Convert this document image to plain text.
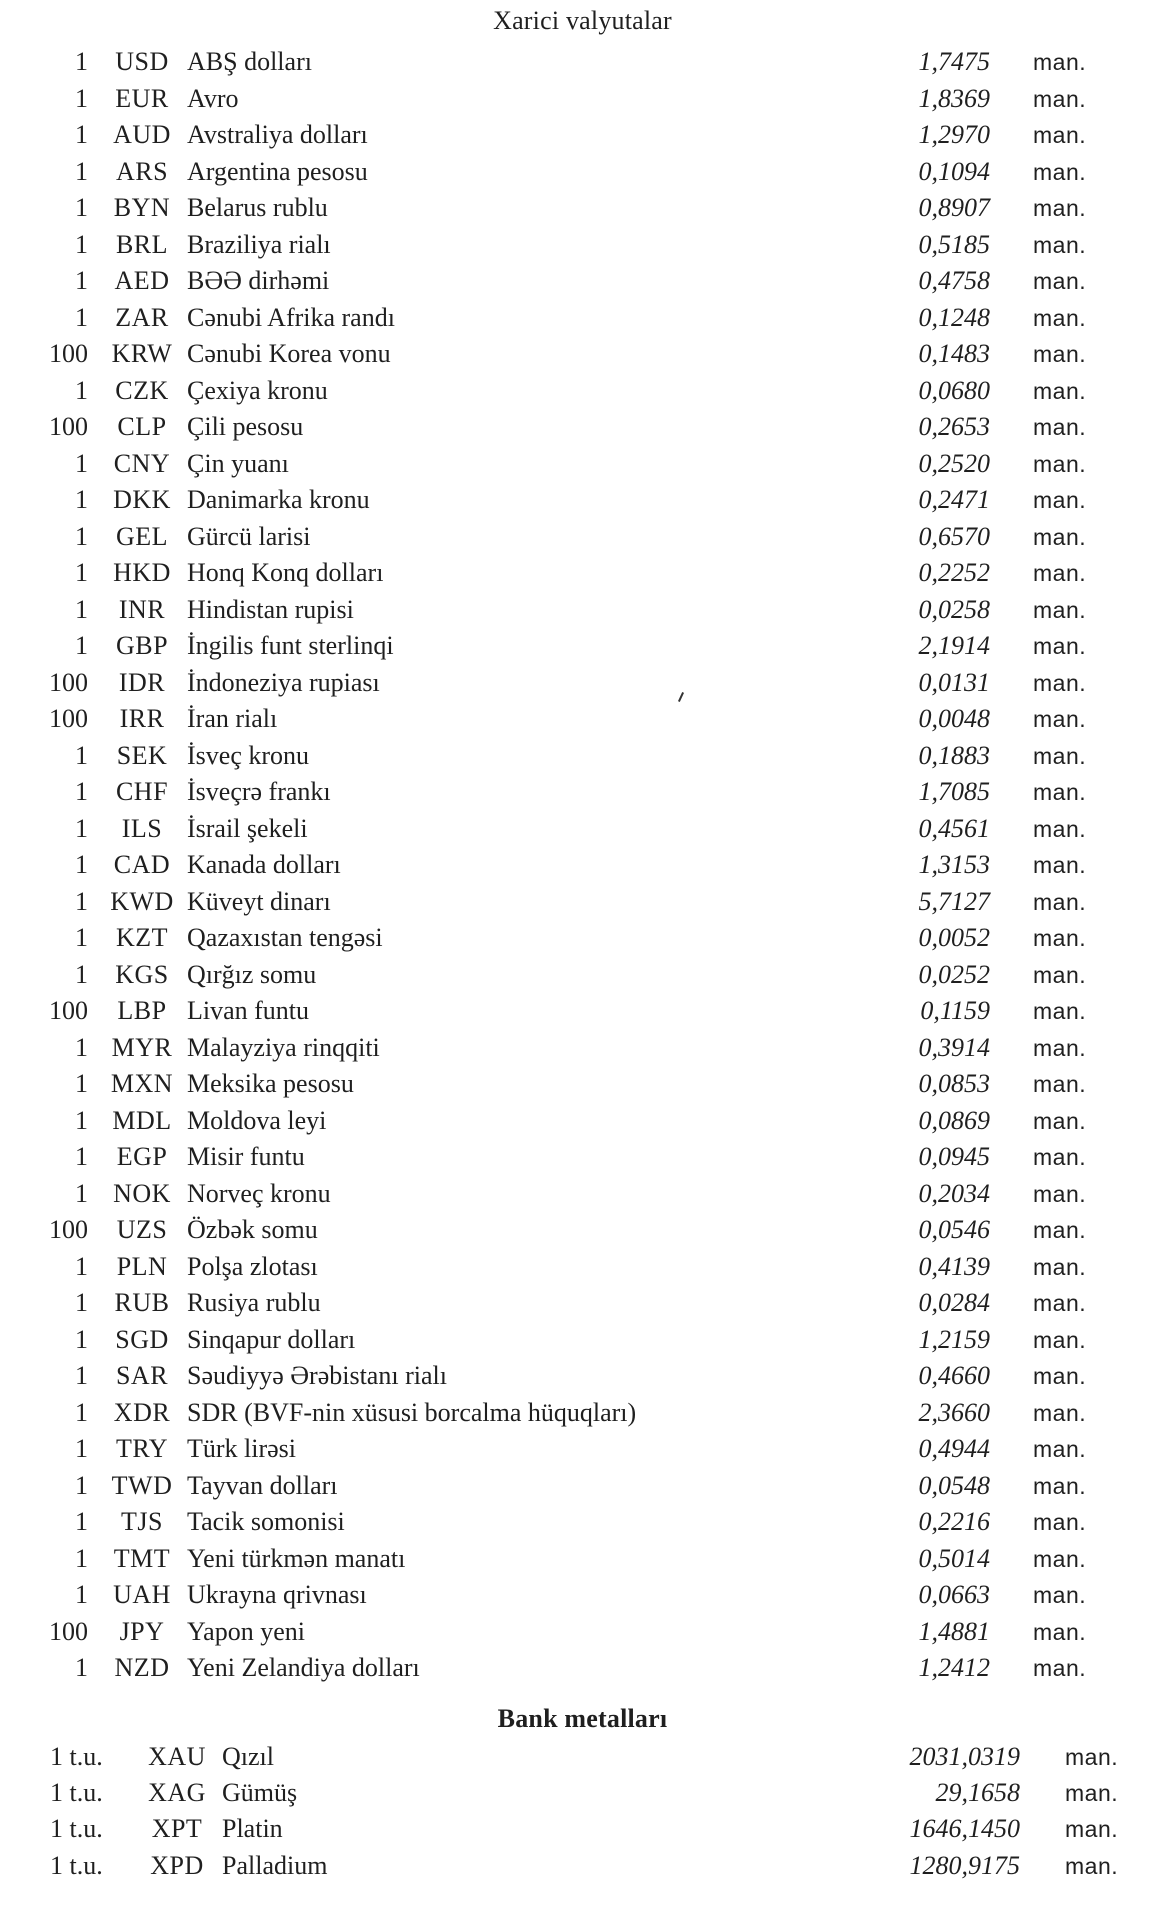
Xarici valyutalar
1	USD ABŞ dolları	1,7475 man.
1	EUR Avro	1,8369 man.
1 AUD Avstraliya dolları	1,2970 man.
1	ARS Argentina pesosu	0,1094 man.
1 BYN Belarus rublu	0,8907 man.
1	BRL Braziliya rialı	0,5185 man.
1	AED BƏƏ dirhəmi	0,4758 man.
1	ZAR Cənubi Afrika randı	0,1248 man.
100 KRW Cənubi Korea vonu	0,1483 man.
1	CZK Çexiya kronu	0,0680 man.
100	CLP Çili pesosu	0,2653 man.
1 CNY Çin yuanı	0,2520 man.
1 DKK Danimarka kronu	0,2471 man.
1	GEL Gürcü larisi	0,6570 man.
1 HKD Honq Konq dolları	0,2252 man.
1	INR Hindistan rupisi	0,0258 man.
1	GBP İngilis funt sterlinqi	2,1914 man.
100	IDR İndoneziya rupiası	0,0131 man.
100	IRR İran rialı	0,0048 man.
1	SEK İsveç kronu	0,1883 man.
1	CHF İsveçrə frankı	1,7085 man.
1	ILS İsrail şekeli	0,4561 man.
1 CAD Kanada dolları	1,3153 man.
1 KWD Küveyt dinarı	5,7127 man.
1	KZT Qazaxıstan tengəsi	0,0052 man.
1	KGS Qırğız somu	0,0252 man.
100	LBP Livan funtu	0,1159 man.
1 MYR Malayziya rinqqiti	0,3914 man.
1 MXN Meksika pesosu	0,0853 man.
1 MDL Moldova leyi	0,0869 man.
1	EGP Misir funtu	0,0945 man.
1 NOK Norveç kronu	0,2034 man.
100	UZS Özbək somu	0,0546 man.
1	PLN Polşa zlotası	0,4139 man.
1	RUB Rusiya rublu	0,0284 man.
1	SGD Sinqapur dolları	1,2159 man.
1	SAR Səudiyyə Ərəbistanı rialı	0,4660 man.
1 XDR SDR (BVF-nin xüsusi borcalma hüquqları)	2,3660 man.
1	TRY Türk lirəsi	0,4944 man.
1 TWD Tayvan dolları	0,0548 man.
1	TJS Tacik somonisi	0,2216 man.
1 TMT Yeni türkmən manatı	0,5014 man.
1 UAH Ukrayna qrivnası	0,0663 man.
100	JPY Yapon yeni	1,4881 man.
1	NZD Yeni Zelandiya dolları	1,2412 man.
Bank metalları
1 t.u.	XAU Qızıl	2031,0319 man.
1 t.u.	XAG Gümüş	29,1658 man.
1 t.u.	XPT Platin	1646,1450 man.
1 t.u.	XPD Palladium	1280,9175 man.
